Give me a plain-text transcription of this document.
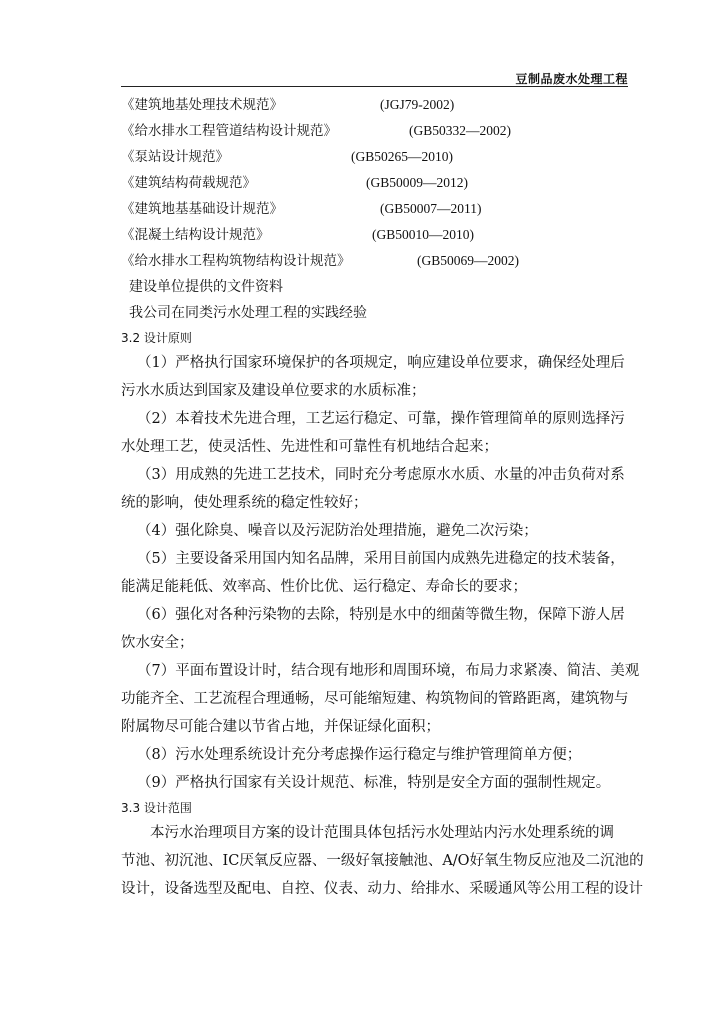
豆制品废水处理工程
《建筑地基处理技术规范》	(JGJ79-2002)
《给水排水工程管道结构设计规范》	(GB50332—2002)
《泵站设计规范》	(GB50265—2010)
《建筑结构荷载规范》	(GB50009—2012)
《建筑地基基础设计规范》	(GB50007—2011)
《混凝土结构设计规范》	(GB50010—2010)
《给水排水工程构筑物结构设计规范》	(GB50069—2002)
建设单位提供的文件资料
我公司在同类污水处理工程的实践经验
3.2 设计原则
（1）严格执行国家环境保护的各项规定，响应建设单位要求，确保经处理后
污水水质达到国家及建设单位要求的水质标准；
（2）本着技术先进合理，工艺运行稳定、可靠，操作管理简单的原则选择污
水处理工艺，使灵活性、先进性和可靠性有机地结合起来；
（3）用成熟的先进工艺技术，同时充分考虑原水水质、水量的冲击负荷对系
统的影响，使处理系统的稳定性较好；
（4）强化除臭、噪音以及污泥防治处理措施，避免二次污染；
（5）主要设备采用国内知名品牌，采用目前国内成熟先进稳定的技术装备，
能满足能耗低、效率高、性价比优、运行稳定、寿命长的要求；
（6）强化对各种污染物的去除，特别是水中的细菌等微生物，保障下游人居
饮水安全；
（7）平面布置设计时，结合现有地形和周围环境，布局力求紧凑、简洁、美观
功能齐全、工艺流程合理通畅，尽可能缩短建、构筑物间的管路距离，建筑物与
附属物尽可能合建以节省占地，并保证绿化面积；
（8）污水处理系统设计充分考虑操作运行稳定与维护管理简单方便；
（9）严格执行国家有关设计规范、标准，特别是安全方面的强制性规定。
3.3 设计范围
本污水治理项目方案的设计范围具体包括污水处理站内污水处理系统的调
节池、初沉池、IC厌氧反应器、一级好氧接触池、A/O好氧生物反应池及二沉池的
设计，设备选型及配电、自控、仪表、动力、给排水、采暖通风等公用工程的设计
